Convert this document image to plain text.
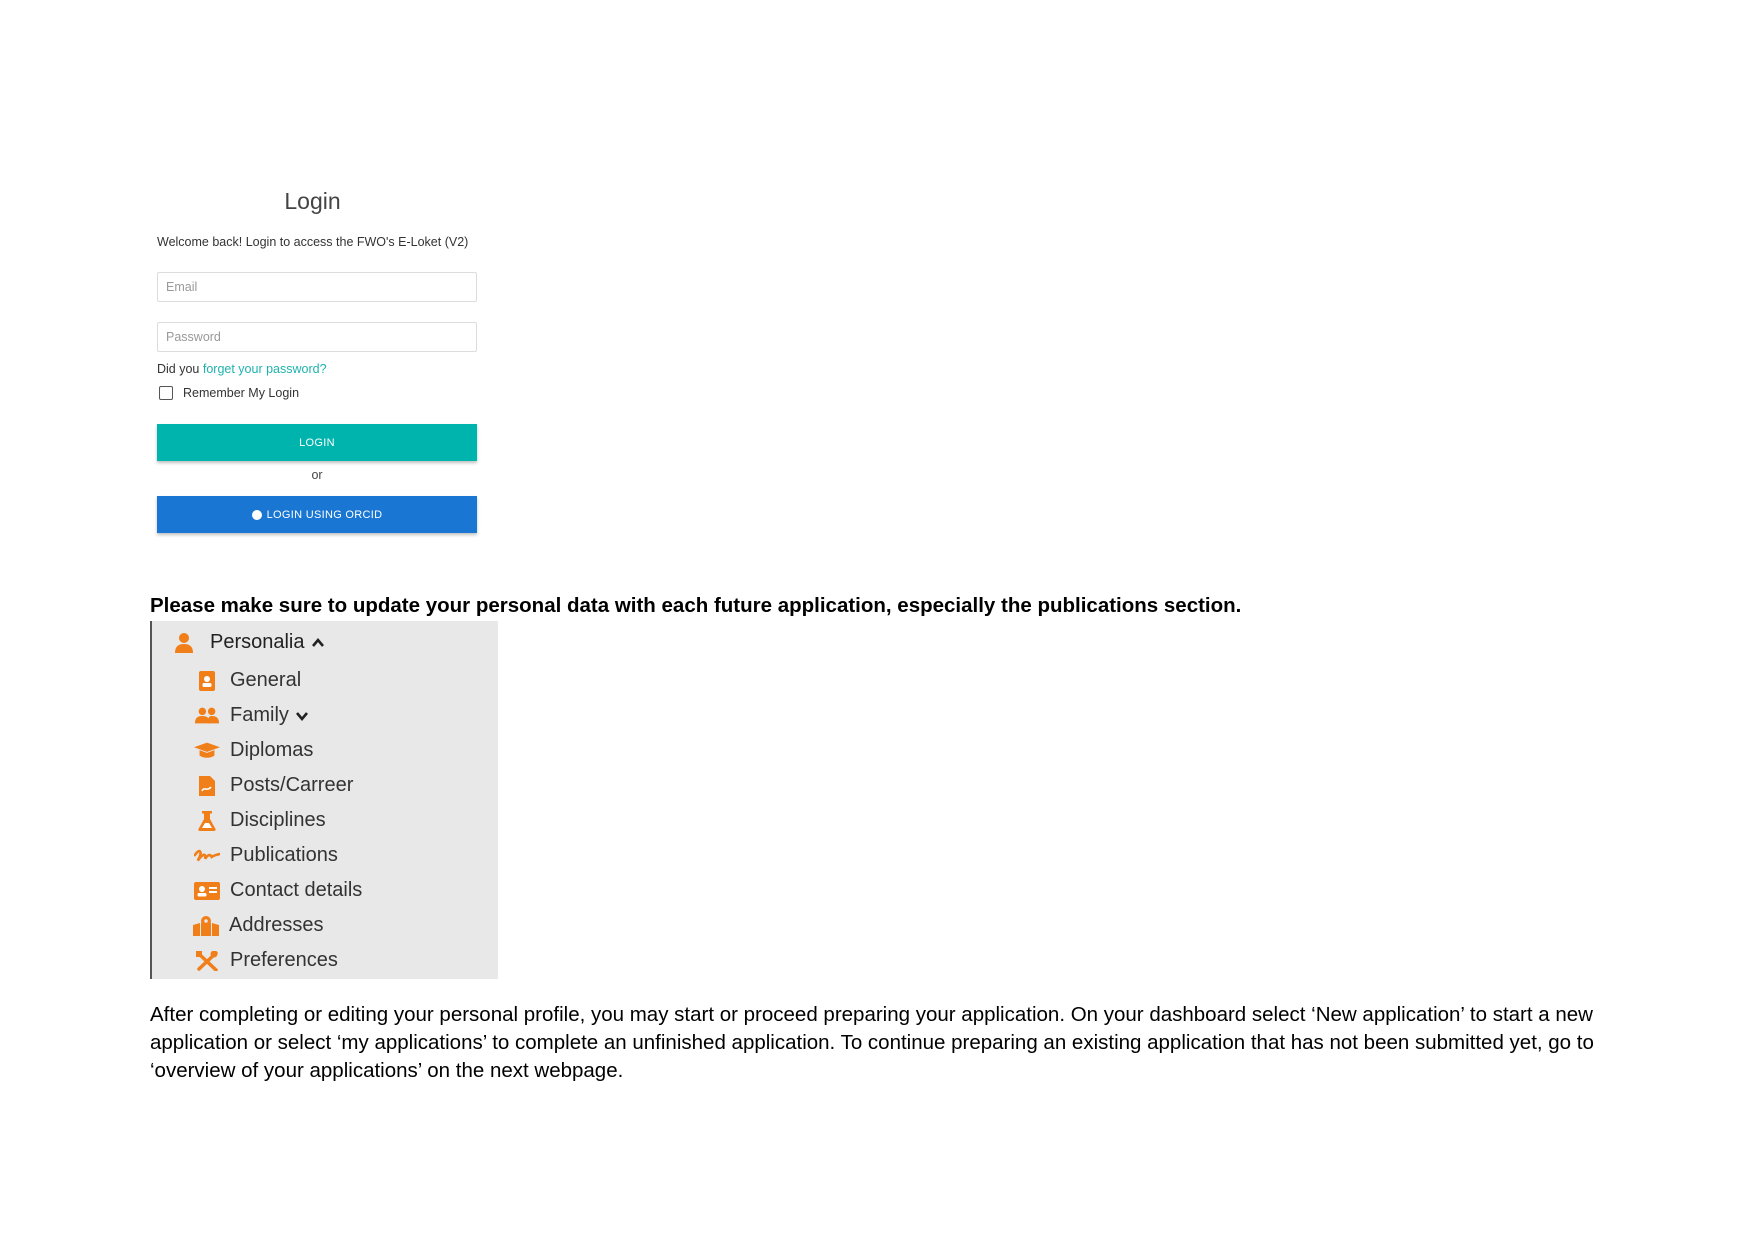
Login
Welcome back! Login to access the FWO's E-Loket (V2)
Email
Did you forget your password?
Remember My Login
LOGIN
or
LOGIN USING ORCID
Please make sure to update your personal data with each future application, especially the publications section.
Personalia
General
Family
Diplomas
Posts/Carreer
Disciplines
Publications
Contact details
Addresses
Preferences
After completing or editing your personal profile, you may start or proceed preparing your application. On your dashboard select ‘New application’ to start a new application or select ‘my applications’ to complete an unfinished application. To continue preparing an existing application that has not been submitted yet, go to ‘overview of your applications’ on the next webpage.
